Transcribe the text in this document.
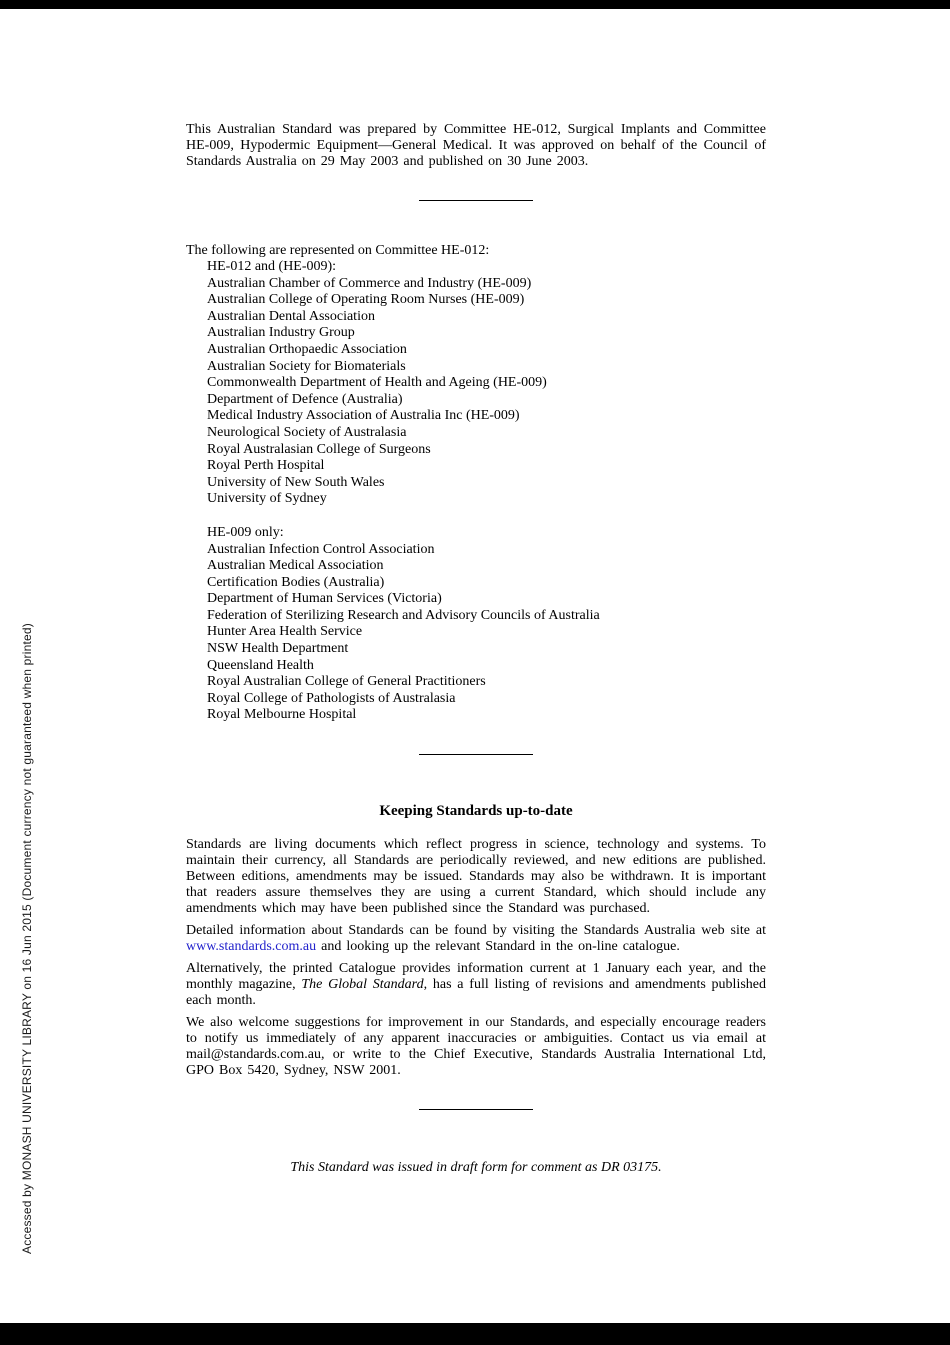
Accessed by MONASH UNIVERSITY LIBRARY on 16 Jun 2015 (Document currency not guaranteed when printed)

This Australian Standard was prepared by Committee HE-012, Surgical Implants and Committee HE-009, Hypodermic Equipment—General Medical. It was approved on behalf of the Council of Standards Australia on 29 May 2003 and published on 30 June 2003.

The following are represented on Committee HE-012:

HE-012 and (HE-009):
Australian Chamber of Commerce and Industry (HE-009)
Australian College of Operating Room Nurses (HE-009)
Australian Dental Association
Australian Industry Group
Australian Orthopaedic Association
Australian Society for Biomaterials
Commonwealth Department of Health and Ageing (HE-009)
Department of Defence (Australia)
Medical Industry Association of Australia Inc (HE-009)
Neurological Society of Australasia
Royal Australasian College of Surgeons
Royal Perth Hospital
University of New South Wales
University of Sydney
HE-009 only:
Australian Infection Control Association
Australian Medical Association
Certification Bodies (Australia)
Department of Human Services (Victoria)
Federation of Sterilizing Research and Advisory Councils of Australia
Hunter Area Health Service
NSW Health Department
Queensland Health
Royal Australian College of General Practitioners
Royal College of Pathologists of Australasia
Royal Melbourne Hospital
Keeping Standards up-to-date

Standards are living documents which reflect progress in science, technology and systems. To maintain their currency, all Standards are periodically reviewed, and new editions are published. Between editions, amendments may be issued. Standards may also be withdrawn. It is important that readers assure themselves they are using a current Standard, which should include any amendments which may have been published since the Standard was purchased.

Detailed information about Standards can be found by visiting the Standards Australia web site at www.standards.com.au and looking up the relevant Standard in the on-line catalogue.

Alternatively, the printed Catalogue provides information current at 1 January each year, and the monthly magazine, The Global Standard, has a full listing of revisions and amendments published each month.

We also welcome suggestions for improvement in our Standards, and especially encourage readers to notify us immediately of any apparent inaccuracies or ambiguities. Contact us via email at mail@standards.com.au, or write to the Chief Executive, Standards Australia International Ltd, GPO Box 5420, Sydney, NSW 2001.

This Standard was issued in draft form for comment as DR 03175.
